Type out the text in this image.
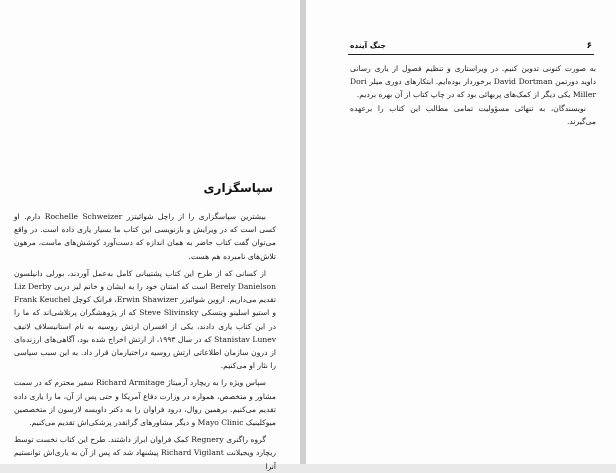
سپاسگزاری

بیشترین سپاسگزاری را از راچل شوائیتزر Rochelle Schweizer دارم. او کسی است که در ویرایش و بازنویسی این کتاب ما بسیار یاری داده است. در واقع می‌توان گفت کتاب حاضر به همان اندازه که دست‌آورد کوشش‌های ماست، مرهون تلاش‌های نامبرده هم هست.

از کسانی که از طرح این کتاب پشتیبانی کامل به‌عمل آوردند، بورلی دانیلسون Berely Danielson است که امتنان خود را به ایشان و خانم لیز دربی Liz Derby تقدیم می‌داریم. اروین شوائیزر Erwin Shawizer، فرانک کوچل Frank Keuchel و استیو اسلینو ویتسکی Steve Slivinsky که از پژوهشگران پرتلاشی‌اند که ما را در این کتاب یاری دادند، یکی از افسران ارتش روسیه به نام استانیسلاف لانیف Stanistav Lunev که در سال ۱۹۹۳، از ارتش اخراج شده بود، آگاهی‌های ارزنده‌ای از درون سازمان اطلاعاتی ارتش روسیه دراختیارمان قرار داد. به این سبب سپاسی را نثار او می‌کنیم.

سپاس ویژه را به ریچارد آرمیتاژ Richard Armitage سفیر محترم که در سمت مشاور و متخصص، همواره در وزارت دفاع آمریکا و حتی پس از آن، ما را یاری داده تقدیم می‌کنیم. برهمین روال، درود فراوان را به دکتر داویسه لارسون از متخصصین میوکلینیک Mayo Clinic و دیگر مشاورهای گرانقدر پزشکی‌اش تقدیم می‌کنیم.

گروه راگنری Regnery کمک فراوان ابراز داشتند. طرح این کتاب نخست توسط ریچارد ویجیلانت Richard Vigilant پیشنهاد شد که پس از آن به یاری‌اش توانستیم آنرا

۶
جنگ آینده

به صورت کنونی تدوین کنیم. در ویراستاری و تنظیم فصول از یاری رسانی داوید دورتمن David Dortman برخوردار بوده‌ایم. ابتکارهای دوری میلر Dori Miller یکی دیگر از کمک‌های پربهائی بود که در چاپ کتاب از آن بهره بردیم.

نویسندگان، به تنهائی مسؤولیت تمامی مطالب این کتاب را برعهده می‌گیرند.
